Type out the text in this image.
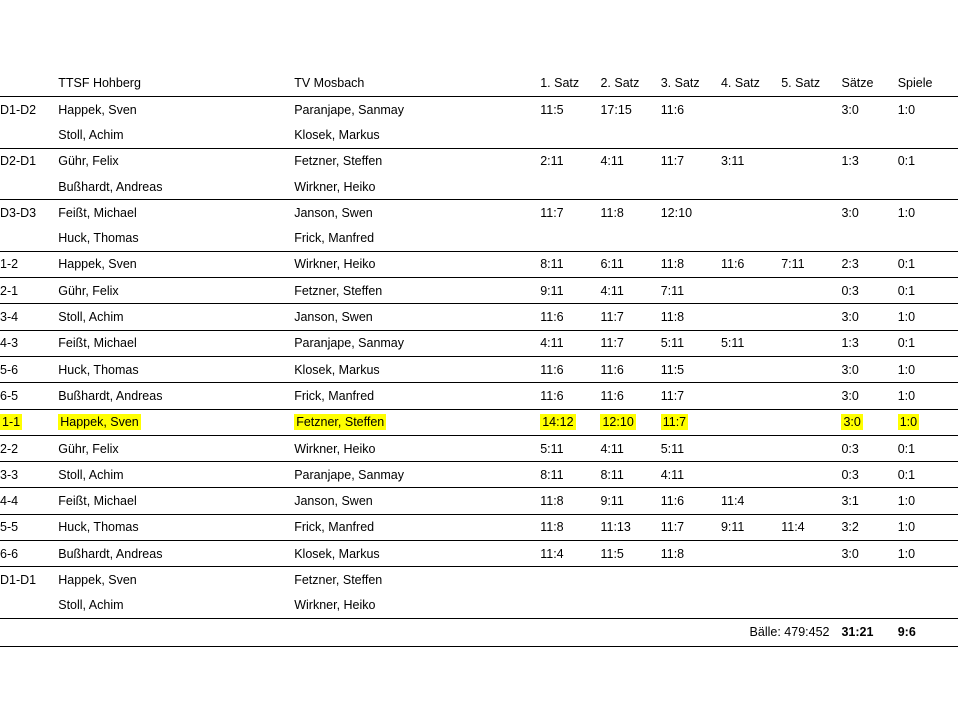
	TTSF Hohberg	TV Mosbach	1. Satz	2. Satz	3. Satz	4. Satz	5. Satz	Sätze	Spiele
D1-D2	Happek, Sven	Paranjape, Sanmay	11:5	17:15	11:6			3:0	1:0
	Stoll, Achim	Klosek, Markus							
D2-D1	Gühr, Felix	Fetzner, Steffen	2:11	4:11	11:7	3:11		1:3	0:1
	Bußhardt, Andreas	Wirkner, Heiko							
D3-D3	Feißt, Michael	Janson, Swen	11:7	11:8	12:10			3:0	1:0
	Huck, Thomas	Frick, Manfred							
1-2	Happek, Sven	Wirkner, Heiko	8:11	6:11	11:8	11:6	7:11	2:3	0:1
2-1	Gühr, Felix	Fetzner, Steffen	9:11	4:11	7:11			0:3	0:1
3-4	Stoll, Achim	Janson, Swen	11:6	11:7	11:8			3:0	1:0
4-3	Feißt, Michael	Paranjape, Sanmay	4:11	11:7	5:11	5:11		1:3	0:1
5-6	Huck, Thomas	Klosek, Markus	11:6	11:6	11:5			3:0	1:0
6-5	Bußhardt, Andreas	Frick, Manfred	11:6	11:6	11:7			3:0	1:0
1-1	Happek, Sven	Fetzner, Steffen	14:12	12:10	11:7			3:0	1:0
2-2	Gühr, Felix	Wirkner, Heiko	5:11	4:11	5:11			0:3	0:1
3-3	Stoll, Achim	Paranjape, Sanmay	8:11	8:11	4:11			0:3	0:1
4-4	Feißt, Michael	Janson, Swen	11:8	9:11	11:6	11:4		3:1	1:0
5-5	Huck, Thomas	Frick, Manfred	11:8	11:13	11:7	9:11	11:4	3:2	1:0
6-6	Bußhardt, Andreas	Klosek, Markus	11:4	11:5	11:8			3:0	1:0
D1-D1	Happek, Sven	Fetzner, Steffen							
	Stoll, Achim	Wirkner, Heiko							
			Bälle: 479:452					31:21	9:6
